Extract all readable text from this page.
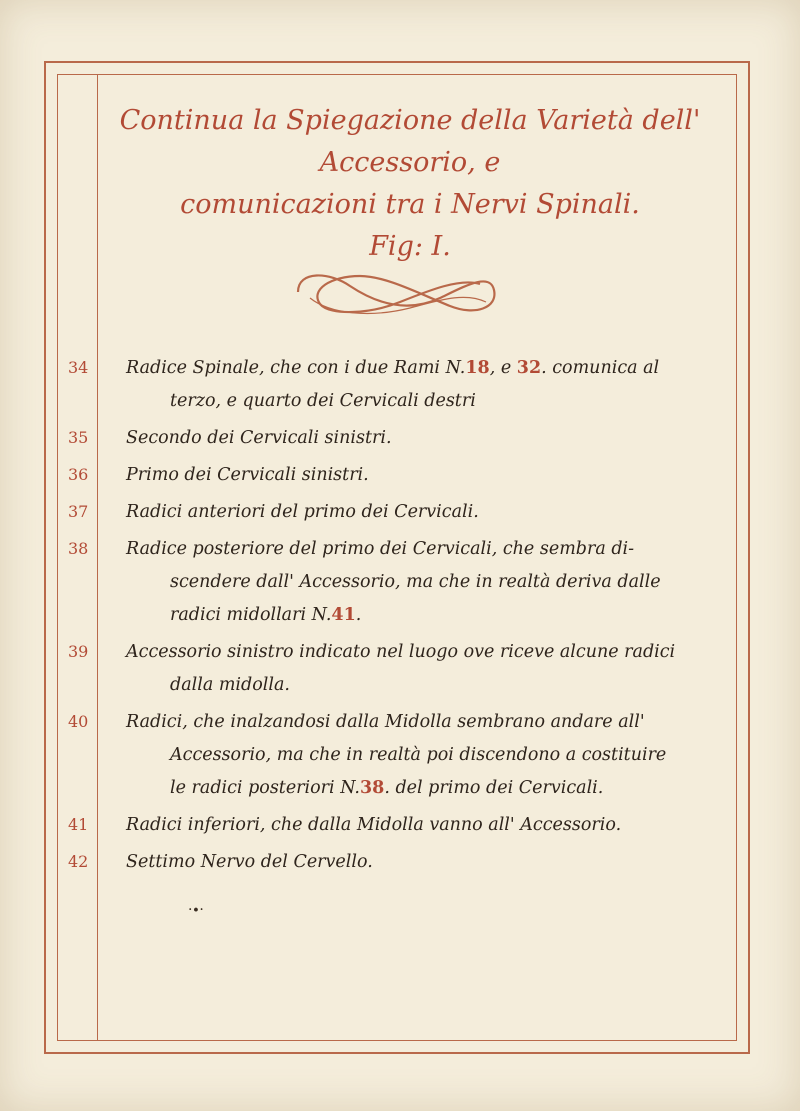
Continua la Spiegazione della Varietà dell' Accessorio, e
comunicazioni tra i Nervi Spinali.
Fig: I.
34	Radice Spinale, che con i due Rami N.18, e 32. comunica al
terzo, e quarto dei Cervicali destri
35	Secondo dei Cervicali sinistri.
36	Primo dei Cervicali sinistri.
37	Radici anteriori del primo dei Cervicali.
38	Radice posteriore del primo dei Cervicali, che sembra di-
scendere dall' Accessorio, ma che in realtà deriva dalle
radici midollari N.41.
39	Accessorio sinistro indicato nel luogo ove riceve alcune radici
dalla midolla.
40	Radici, che inalzandosi dalla Midolla sembrano andare all'
Accessorio, ma che in realtà poi discendono a costituire
le radici posteriori N.38. del primo dei Cervicali.
41	Radici inferiori, che dalla Midolla vanno all' Accessorio.
42	Settimo Nervo del Cervello.
·∙·
